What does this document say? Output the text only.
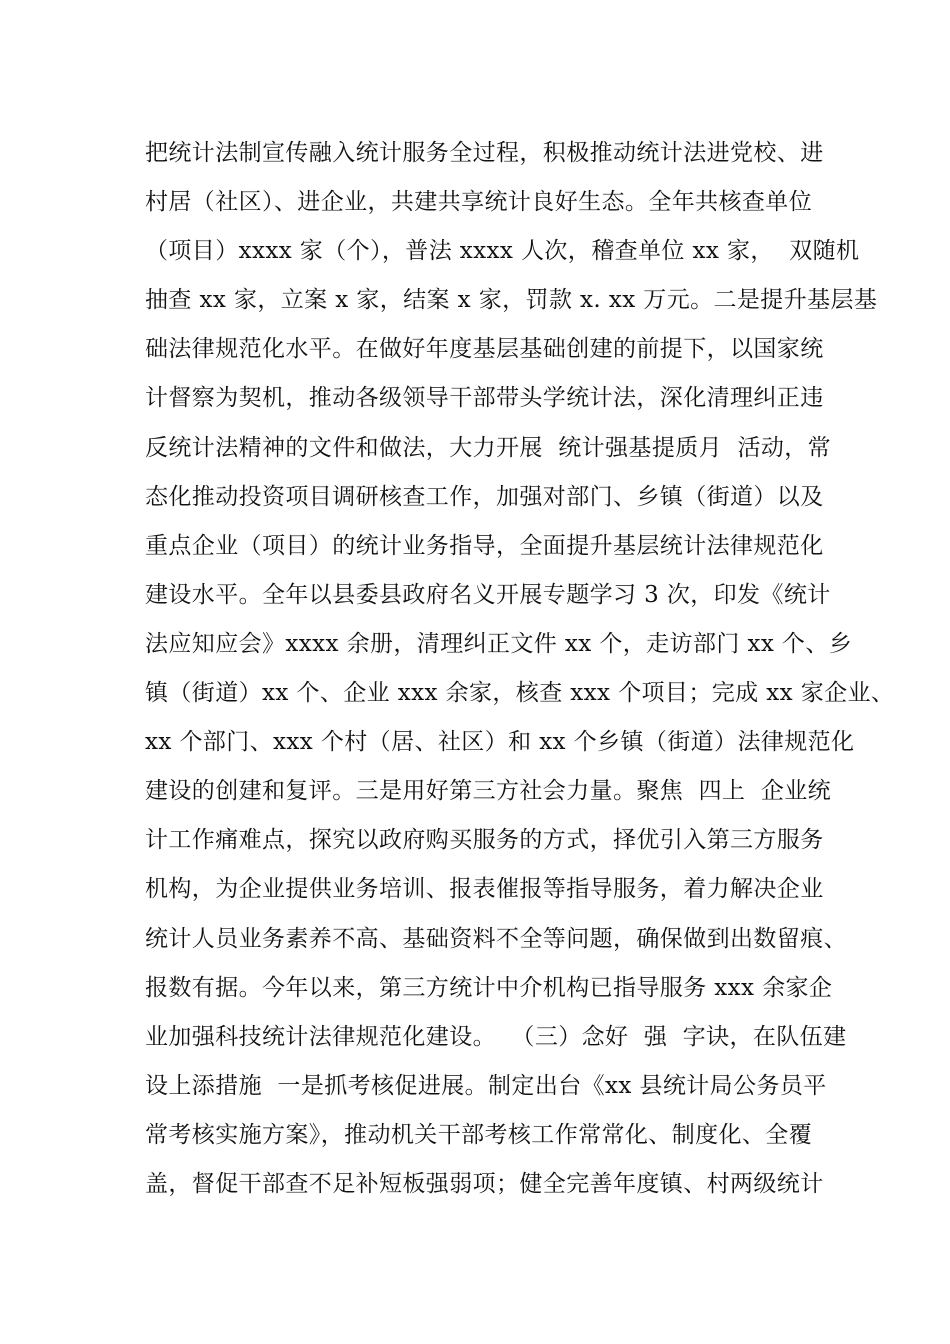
把统计法制宣传融入统计服务全过程，积极推动统计法进党校、进
村居（社区）、进企业，共建共享统计良好生态。全年共核查单位
（项目）xxxx 家（个），普法 xxxx 人次，稽查单位 xx 家，  双随机
抽查 xx 家，立案 x 家，结案 x 家，罚款 x. xx 万元。二是提升基层基
础法律规范化水平。在做好年度基层基础创建的前提下，以国家统
计督察为契机，推动各级领导干部带头学统计法，深化清理纠正违
反统计法精神的文件和做法，大力开展  统计强基提质月  活动，常
态化推动投资项目调研核查工作，加强对部门、乡镇（街道）以及
重点企业（项目）的统计业务指导，全面提升基层统计法律规范化
建设水平。全年以县委县政府名义开展专题学习 3 次，印发《统计
法应知应会》xxxx 余册，清理纠正文件 xx 个，走访部门 xx 个、乡
镇（街道）xx 个、企业 xxx 余家，核查 xxx 个项目；完成 xx 家企业、
xx 个部门、xxx 个村（居、社区）和 xx 个乡镇（街道）法律规范化
建设的创建和复评。三是用好第三方社会力量。聚焦  四上  企业统
计工作痛难点，探究以政府购买服务的方式，择优引入第三方服务
机构，为企业提供业务培训、报表催报等指导服务，着力解决企业
统计人员业务素养不高、基础资料不全等问题，确保做到出数留痕、
报数有据。今年以来，第三方统计中介机构已指导服务 xxx 余家企
业加强科技统计法律规范化建设。  （三）念好  强  字诀，在队伍建
设上添措施  一是抓考核促进展。制定出台《xx 县统计局公务员平
常考核实施方案》，推动机关干部考核工作常常化、制度化、全覆
盖，督促干部查不足补短板强弱项；健全完善年度镇、村两级统计
